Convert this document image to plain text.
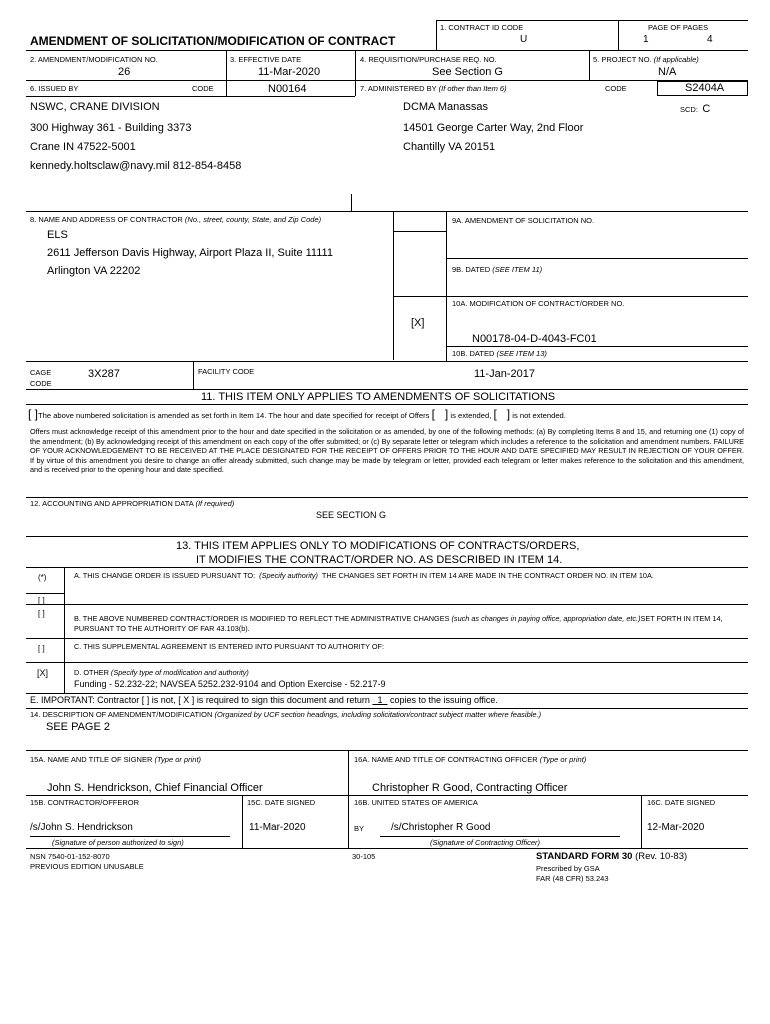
1. CONTRACT ID CODE
U
PAGE OF PAGES
1	4
AMENDMENT OF SOLICITATION/MODIFICATION OF CONTRACT
2. AMENDMENT/MODIFICATION NO.
26
3. EFFECTIVE DATE
11-Mar-2020
4. REQUISITION/PURCHASE REQ. NO.
See Section G
5. PROJECT NO. (If applicable)
N/A
6. ISSUED BY	CODE	N00164	7. ADMINISTERED BY (If other than Item 6)	CODE	S2404A
SCD: C
NSWC, CRANE DIVISION
300 Highway 361 - Building 3373
Crane IN 47522-5001
kennedy.holtsclaw@navy.mil 812-854-8458
DCMA Manassas
14501 George Carter Way, 2nd Floor
Chantilly VA 20151
8. NAME AND ADDRESS OF CONTRACTOR (No., street, county, State, and Zip Code)
ELS
2611 Jefferson Davis Highway, Airport Plaza II, Suite 11111
Arlington VA 22202
9A. AMENDMENT OF SOLICITATION NO.
9B. DATED (SEE ITEM 11)
10A. MODIFICATION OF CONTRACT/ORDER NO.
[X]
N00178-04-D-4043-FC01
10B. DATED (SEE ITEM 13)
11-Jan-2017
CAGE
CODE
3X287	FACILITY CODE
11. THIS ITEM ONLY APPLIES TO AMENDMENTS OF SOLICITATIONS
[ ]The above numbered solicitation is amended as set forth in Item 14. The hour and date specified for receipt of Offers [   ] is extended, [   ] is not extended.
Offers must acknowledge receipt of this amendment prior to the hour and date specified in the solicitation or as amended, by one of the following methods: (a) By completing Items 8 and 15, and returning one (1) copy of the amendment; (b) By acknowledging receipt of this amendment on each copy of the offer submitted; or (c) By separate letter or telegram which includes a reference to the solicitation and amendment numbers. FAILURE OF YOUR ACKNOWLEDGEMENT TO BE RECEIVED AT THE PLACE DESIGNATED FOR THE RECEIPT OF OFFERS PRIOR TO THE HOUR AND DATE SPECIFIED MAY RESULT IN REJECTION OF YOUR OFFER. If by virtue of this amendment you desire to change an offer already submitted, such change may be made by telegram or letter, provided each telegram or letter makes reference to the solicitation and this amendment, and is received prior to the opening hour and date specified.
12. ACCOUNTING AND APPROPRIATION DATA (If required)
SEE SECTION G
13. THIS ITEM APPLIES ONLY TO MODIFICATIONS OF CONTRACTS/ORDERS,
IT MODIFIES THE CONTRACT/ORDER NO. AS DESCRIBED IN ITEM 14.
(*)	A. THIS CHANGE ORDER IS ISSUED PURSUANT TO: (Specify authority) THE CHANGES SET FORTH IN ITEM 14 ARE MADE IN THE CONTRACT ORDER NO. IN ITEM 10A.
[ ]
[ ]
B. THE ABOVE NUMBERED CONTRACT/ORDER IS MODIFIED TO REFLECT THE ADMINISTRATIVE CHANGES (such as changes in paying office, appropriation date, etc.)SET FORTH IN ITEM 14, PURSUANT TO THE AUTHORITY OF FAR 43.103(b).
[ ]	C. THIS SUPPLEMENTAL AGREEMENT IS ENTERED INTO PURSUANT TO AUTHORITY OF:
[X]	D. OTHER (Specify type of modification and authority)
Funding - 52.232-22; NAVSEA 5252.232-9104 and Option Exercise - 52.217-9
E. IMPORTANT: Contractor [ ] is not, [ X ] is required to sign this document and return 1 copies to the issuing office.
14. DESCRIPTION OF AMENDMENT/MODIFICATION (Organized by UCF section headings, including solicitation/contract subject matter where feasible.)
SEE PAGE 2
15A. NAME AND TITLE OF SIGNER (Type or print)
John S. Hendrickson, Chief Financial Officer
16A. NAME AND TITLE OF CONTRACTING OFFICER (Type or print)
Christopher R Good, Contracting Officer
15B. CONTRACTOR/OFFEROR	15C. DATE SIGNED	16B. UNITED STATES OF AMERICA	16C. DATE SIGNED
/s/John S. Hendrickson
(Signature of person authorized to sign)
11-Mar-2020	BY	/s/Christopher R Good
(Signature of Contracting Officer)
12-Mar-2020
NSN 7540-01-152-8070
PREVIOUS EDITION UNUSABLE
30-105	STANDARD FORM 30 (Rev. 10-83)
Prescribed by GSA
FAR (48 CFR) 53.243
